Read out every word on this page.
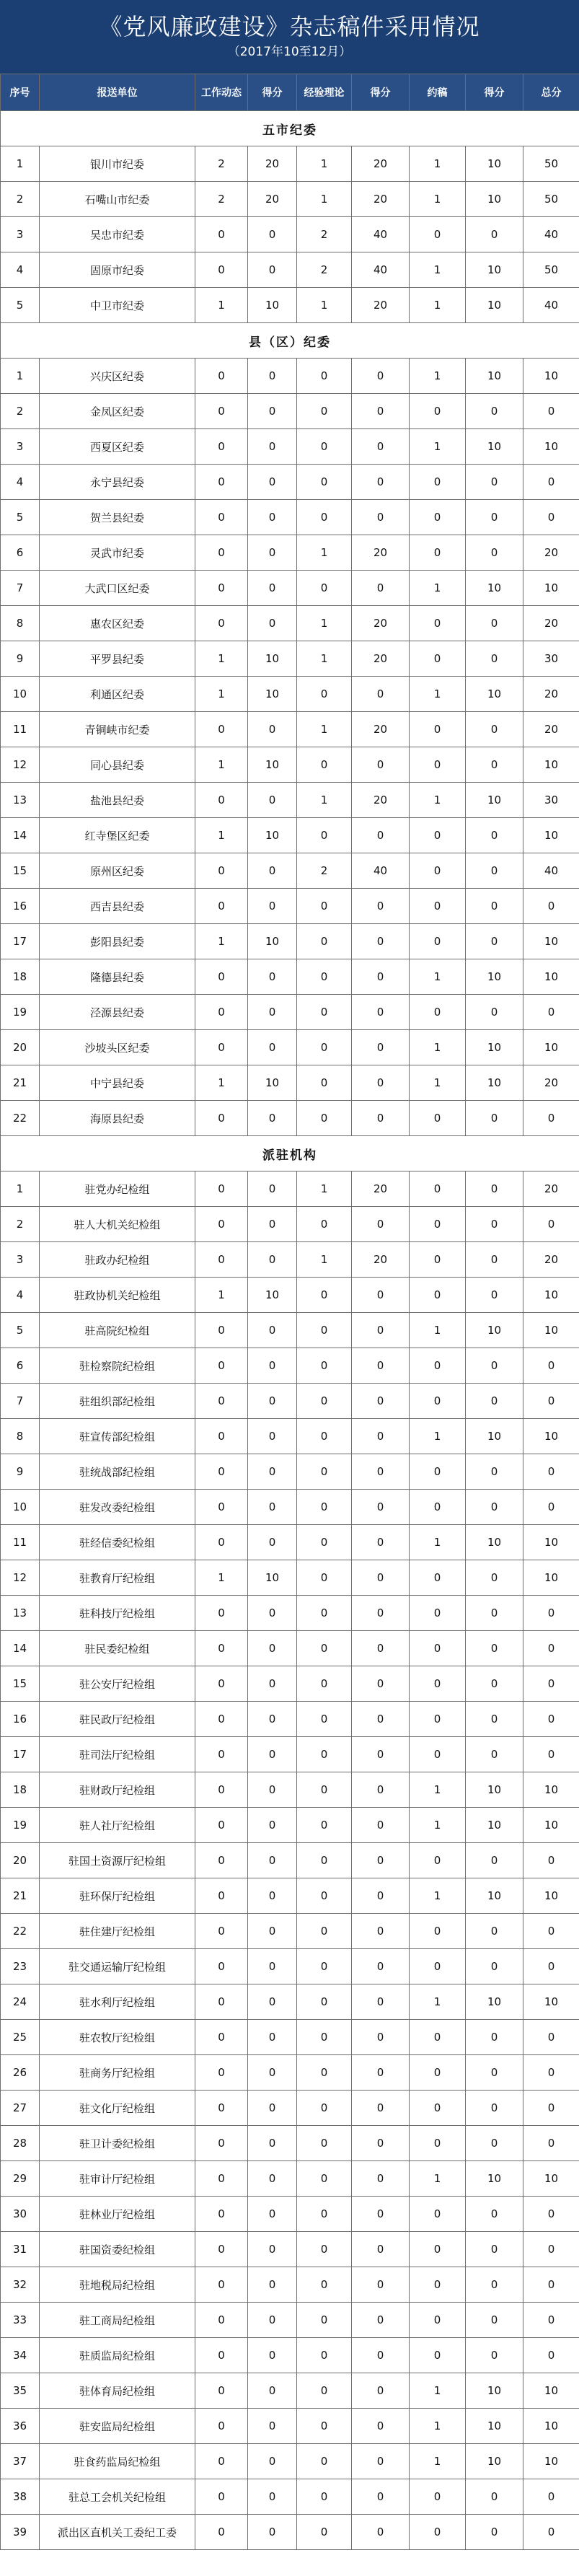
《党风廉政建设》杂志稿件采用情况
（2017年10至12月）
序号	报送单位	工作动态	得分	经验理论	得分	约稿	得分	总分
五市纪委								
1	银川市纪委	2	20	1	20	1	10	50
2	石嘴山市纪委	2	20	1	20	1	10	50
3	吴忠市纪委	0	0	2	40	0	0	40
4	固原市纪委	0	0	2	40	1	10	50
5	中卫市纪委	1	10	1	20	1	10	40
县（区）纪委								
1	兴庆区纪委	0	0	0	0	1	10	10
2	金凤区纪委	0	0	0	0	0	0	0
3	西夏区纪委	0	0	0	0	1	10	10
4	永宁县纪委	0	0	0	0	0	0	0
5	贺兰县纪委	0	0	0	0	0	0	0
6	灵武市纪委	0	0	1	20	0	0	20
7	大武口区纪委	0	0	0	0	1	10	10
8	惠农区纪委	0	0	1	20	0	0	20
9	平罗县纪委	1	10	1	20	0	0	30
10	利通区纪委	1	10	0	0	1	10	20
11	青铜峡市纪委	0	0	1	20	0	0	20
12	同心县纪委	1	10	0	0	0	0	10
13	盐池县纪委	0	0	1	20	1	10	30
14	红寺堡区纪委	1	10	0	0	0	0	10
15	原州区纪委	0	0	2	40	0	0	40
16	西吉县纪委	0	0	0	0	0	0	0
17	彭阳县纪委	1	10	0	0	0	0	10
18	隆德县纪委	0	0	0	0	1	10	10
19	泾源县纪委	0	0	0	0	0	0	0
20	沙坡头区纪委	0	0	0	0	1	10	10
21	中宁县纪委	1	10	0	0	1	10	20
22	海原县纪委	0	0	0	0	0	0	0
派驻机构								
1	驻党办纪检组	0	0	1	20	0	0	20
2	驻人大机关纪检组	0	0	0	0	0	0	0
3	驻政办纪检组	0	0	1	20	0	0	20
4	驻政协机关纪检组	1	10	0	0	0	0	10
5	驻高院纪检组	0	0	0	0	1	10	10
6	驻检察院纪检组	0	0	0	0	0	0	0
7	驻组织部纪检组	0	0	0	0	0	0	0
8	驻宣传部纪检组	0	0	0	0	1	10	10
9	驻统战部纪检组	0	0	0	0	0	0	0
10	驻发改委纪检组	0	0	0	0	0	0	0
11	驻经信委纪检组	0	0	0	0	1	10	10
12	驻教育厅纪检组	1	10	0	0	0	0	10
13	驻科技厅纪检组	0	0	0	0	0	0	0
14	驻民委纪检组	0	0	0	0	0	0	0
15	驻公安厅纪检组	0	0	0	0	0	0	0
16	驻民政厅纪检组	0	0	0	0	0	0	0
17	驻司法厅纪检组	0	0	0	0	0	0	0
18	驻财政厅纪检组	0	0	0	0	1	10	10
19	驻人社厅纪检组	0	0	0	0	1	10	10
20	驻国土资源厅纪检组	0	0	0	0	0	0	0
21	驻环保厅纪检组	0	0	0	0	1	10	10
22	驻住建厅纪检组	0	0	0	0	0	0	0
23	驻交通运输厅纪检组	0	0	0	0	0	0	0
24	驻水利厅纪检组	0	0	0	0	1	10	10
25	驻农牧厅纪检组	0	0	0	0	0	0	0
26	驻商务厅纪检组	0	0	0	0	0	0	0
27	驻文化厅纪检组	0	0	0	0	0	0	0
28	驻卫计委纪检组	0	0	0	0	0	0	0
29	驻审计厅纪检组	0	0	0	0	1	10	10
30	驻林业厅纪检组	0	0	0	0	0	0	0
31	驻国资委纪检组	0	0	0	0	0	0	0
32	驻地税局纪检组	0	0	0	0	0	0	0
33	驻工商局纪检组	0	0	0	0	0	0	0
34	驻质监局纪检组	0	0	0	0	0	0	0
35	驻体育局纪检组	0	0	0	0	1	10	10
36	驻安监局纪检组	0	0	0	0	1	10	10
37	驻食药监局纪检组	0	0	0	0	1	10	10
38	驻总工会机关纪检组	0	0	0	0	0	0	0
39	派出区直机关工委纪工委	0	0	0	0	0	0	0
